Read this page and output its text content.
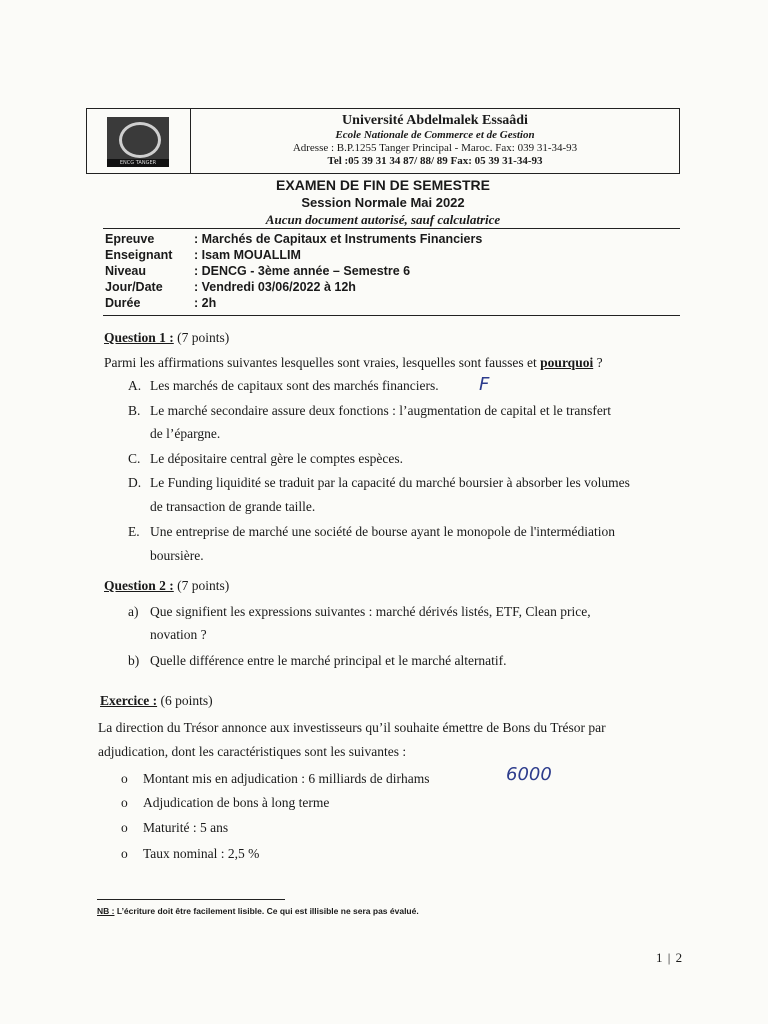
ENCG TANGER
Université Abdelmalek Essaâdi
Ecole Nationale de Commerce et de Gestion
Adresse : B.P.1255 Tanger Principal - Maroc. Fax: 039 31-34-93
Tel :05 39 31 34 87/ 88/ 89 Fax: 05 39 31-34-93
EXAMEN DE FIN DE SEMESTRE
Session Normale Mai 2022
Aucun document autorisé, sauf calculatrice
Epreuve	: Marchés de Capitaux et Instruments Financiers
Enseignant	: Isam MOUALLIM
Niveau	: DENCG - 3ème année – Semestre 6
Jour/Date	: Vendredi 03/06/2022 à 12h
Durée	: 2h
Question 1 : (7 points)
Parmi les affirmations suivantes lesquelles sont vraies, lesquelles sont fausses et pourquoi ?
A. Les marchés de capitaux sont des marchés financiers. F
B. Le marché secondaire assure deux fonctions : l’augmentation de capital et le transfert
de l’épargne.
C. Le dépositaire central gère le comptes espèces.
D. Le Funding liquidité se traduit par la capacité du marché boursier à absorber les volumes
de transaction de grande taille.
E. Une entreprise de marché une société de bourse ayant le monopole de l'intermédiation
boursière.
Question 2 : (7 points)
a) Que signifient les expressions suivantes : marché dérivés listés, ETF, Clean price,
novation ?
b) Quelle différence entre le marché principal et le marché alternatif.
Exercice : (6 points)
La direction du Trésor annonce aux investisseurs qu’il souhaite émettre de Bons du Trésor par
adjudication, dont les caractéristiques sont les suivantes :
o Montant mis en adjudication : 6 milliards de dirhams	6000
o Adjudication de bons à long terme
o Maturité : 5 ans
o Taux nominal : 2,5 %
NB : L’écriture doit être facilement lisible. Ce qui est illisible ne sera pas évalué.
1 | 2
